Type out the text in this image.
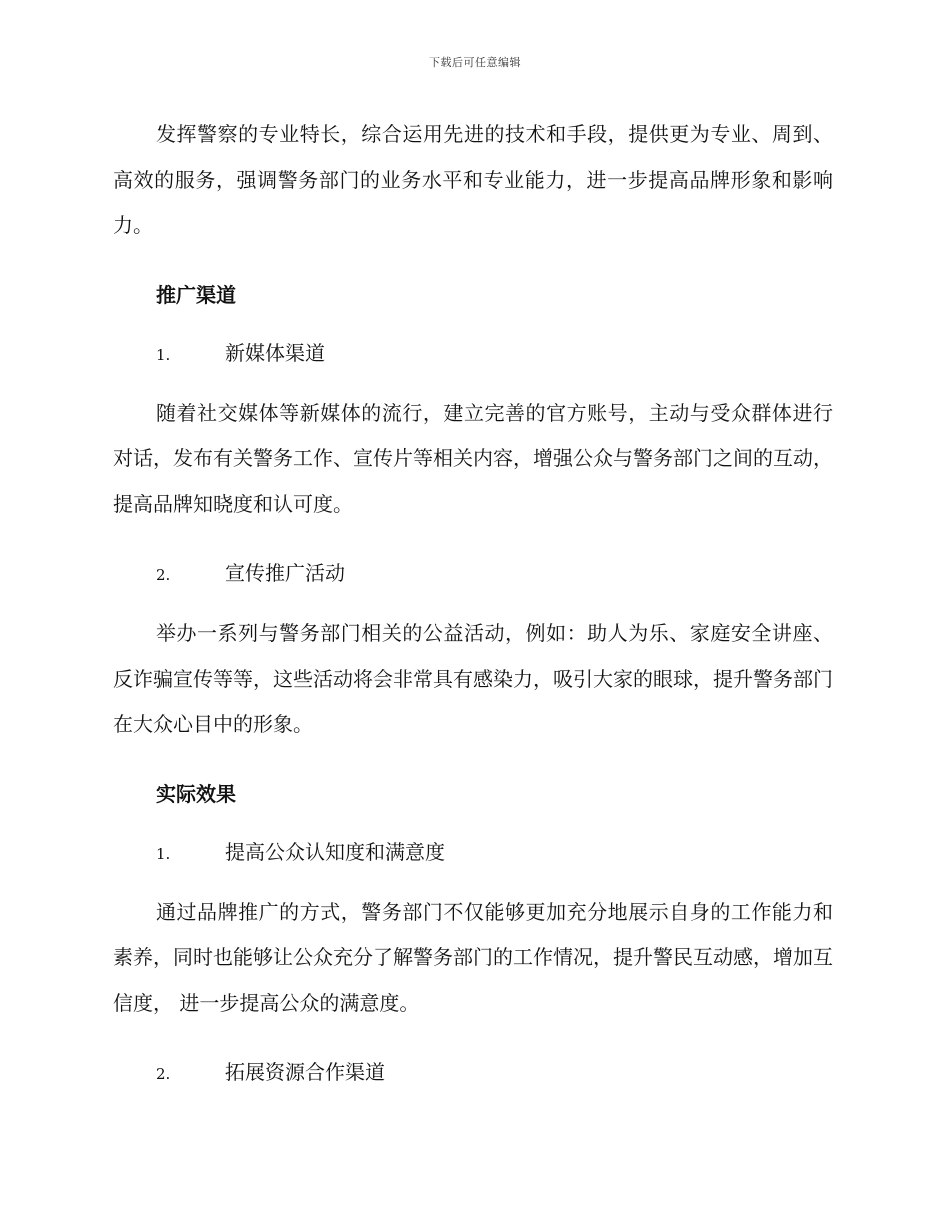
下载后可任意编辑

发挥警察的专业特长，综合运用先进的技术和手段，提供更为专业、周到、高效的服务，强调警务部门的业务水平和专业能力，进一步提高品牌形象和影响力。

推广渠道
1.	新媒体渠道

随着社交媒体等新媒体的流行，建立完善的官方账号，主动与受众群体进行对话，发布有关警务工作、宣传片等相关内容，增强公众与警务部门之间的互动，提高品牌知晓度和认可度。

2.	宣传推广活动

举办一系列与警务部门相关的公益活动，例如：助人为乐、家庭安全讲座、反诈骗宣传等等，这些活动将会非常具有感染力，吸引大家的眼球，提升警务部门在大众心目中的形象。

实际效果
1.	提高公众认知度和满意度

通过品牌推广的方式，警务部门不仅能够更加充分地展示自身的工作能力和素养，同时也能够让公众充分了解警务部门的工作情况，提升警民互动感，增加互信度， 进一步提高公众的满意度。

2.	拓展资源合作渠道
